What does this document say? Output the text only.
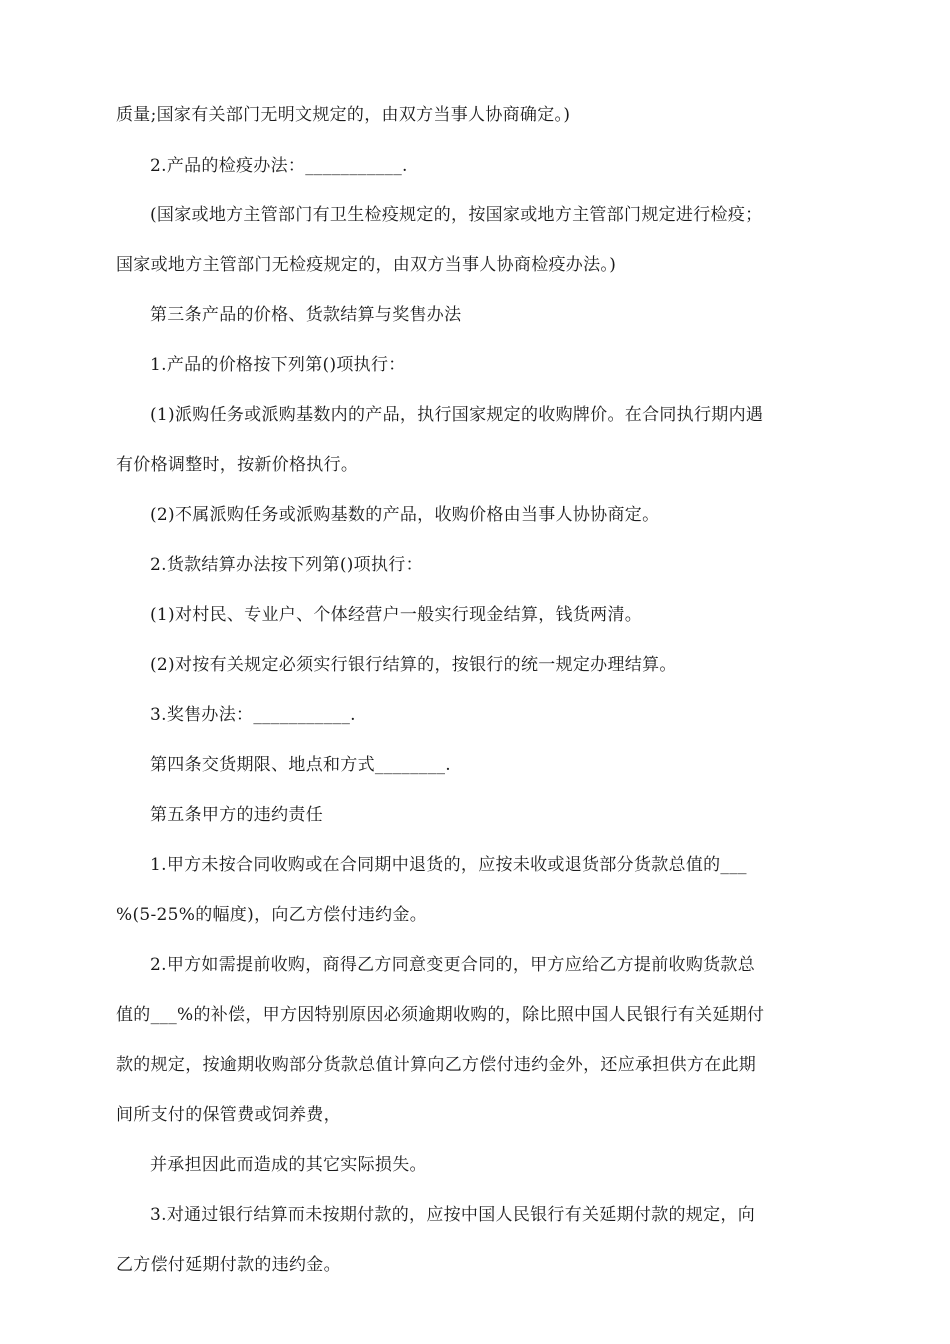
质量;国家有关部门无明文规定的，由双方当事人协商确定。)
2.产品的检疫办法：___________.
(国家或地方主管部门有卫生检疫规定的，按国家或地方主管部门规定进行检疫；
国家或地方主管部门无检疫规定的，由双方当事人协商检疫办法。)
第三条产品的价格、货款结算与奖售办法
1.产品的价格按下列第()项执行：
(1)派购任务或派购基数内的产品，执行国家规定的收购牌价。在合同执行期内遇
有价格调整时，按新价格执行。
(2)不属派购任务或派购基数的产品，收购价格由当事人协协商定。
2.货款结算办法按下列第()项执行：
(1)对村民、专业户、个体经营户一般实行现金结算，钱货两清。
(2)对按有关规定必须实行银行结算的，按银行的统一规定办理结算。
3.奖售办法：___________.
第四条交货期限、地点和方式________.
第五条甲方的违约责任
1.甲方未按合同收购或在合同期中退货的，应按未收或退货部分货款总值的___
%(5-25%的幅度)，向乙方偿付违约金。
2.甲方如需提前收购，商得乙方同意变更合同的，甲方应给乙方提前收购货款总
值的___%的补偿，甲方因特别原因必须逾期收购的，除比照中国人民银行有关延期付
款的规定，按逾期收购部分货款总值计算向乙方偿付违约金外，还应承担供方在此期
间所支付的保管费或饲养费，
并承担因此而造成的其它实际损失。
3.对通过银行结算而未按期付款的，应按中国人民银行有关延期付款的规定，向
乙方偿付延期付款的违约金。
